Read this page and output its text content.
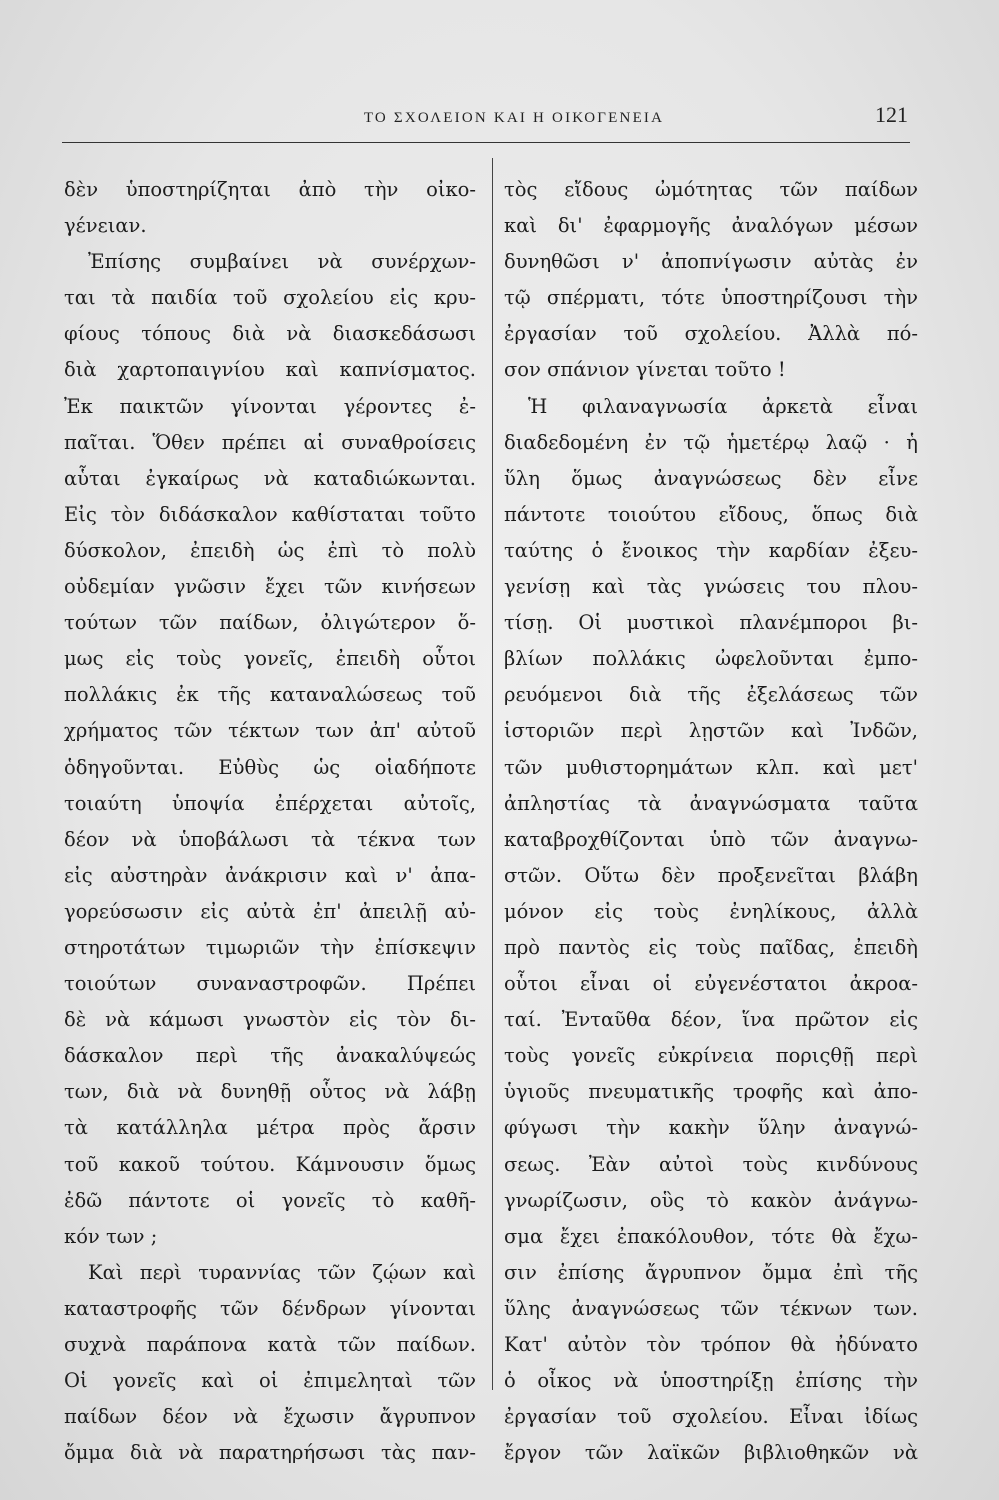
ΤΟ ΣΧΟΛΕΙΟΝ ΚΑΙ Η ΟΙΚΟΓΕΝΕΙΑ	121
δὲν ὑποστηρίζηται ἀπὸ τὴν οἰκο-
γένειαν.
Ἐπίσης συμβαίνει νὰ συνέρχων-
ται τὰ παιδία τοῦ σχολείου εἰς κρυ-
φίους τόπους διὰ νὰ διασκεδάσωσι
διὰ χαρτοπαιγνίου καὶ καπνίσματος.
Ἐκ παικτῶν γίνονται γέροντες ἐ-
παῖται. Ὅθεν πρέπει αἱ συναθροίσεις
αὗται ἐγκαίρως νὰ καταδιώκωνται.
Εἰς τὸν διδάσκαλον καθίσταται τοῦτο
δύσκολον, ἐπειδὴ ὡς ἐπὶ τὸ πολὺ
οὐδεμίαν γνῶσιν ἔχει τῶν κινήσεων
τούτων τῶν παίδων, ὀλιγώτερον ὅ-
μως εἰς τοὺς γονεῖς, ἐπειδὴ οὗτοι
πολλάκις ἐκ τῆς καταναλώσεως τοῦ
χρήματος τῶν τέκτων των ἀπ' αὐτοῦ
ὁδηγοῦνται. Εὐθὺς ὡς οἱαδήποτε
τοιαύτη ὑποψία ἐπέρχεται αὐτοῖς,
δέον νὰ ὑποβάλωσι τὰ τέκνα των
εἰς αὐστηρὰν ἀνάκρισιν καὶ ν' ἀπα-
γορεύσωσιν εἰς αὐτὰ ἐπ' ἀπειλῇ αὐ-
στηροτάτων τιμωριῶν τὴν ἐπίσκεψιν
τοιούτων συναναστροφῶν. Πρέπει
δὲ νὰ κάμωσι γνωστὸν εἰς τὸν δι-
δάσκαλον περὶ τῆς ἀνακαλύψεώς
των, διὰ νὰ δυνηθῇ οὗτος νὰ λάβῃ
τὰ κατάλληλα μέτρα πρὸς ἄρσιν
τοῦ κακοῦ τούτου. Κάμνουσιν ὅμως
ἐδῶ πάντοτε οἱ γονεῖς τὸ καθῆ-
κόν των ;
Καὶ περὶ τυραννίας τῶν ζῴων καὶ
καταστροφῆς τῶν δένδρων γίνονται
συχνὰ παράπονα κατὰ τῶν παίδων.
Οἱ γονεῖς καὶ οἱ ἐπιμεληταὶ τῶν
παίδων δέον νὰ ἔχωσιν ἄγρυπνον
ὄμμα διὰ νὰ παρατηρήσωσι τὰς παν-
τὸς εἴδους ὠμότητας τῶν παίδων
καὶ δι' ἐφαρμογῆς ἀναλόγων μέσων
δυνηθῶσι ν' ἀποπνίγωσιν αὐτὰς ἐν
τῷ σπέρματι, τότε ὑποστηρίζουσι τὴν
ἐργασίαν τοῦ σχολείου. Ἀλλὰ πό-
σον σπάνιον γίνεται τοῦτο !
Ἡ φιλαναγνωσία ἀρκετὰ εἶναι
διαδεδομένη ἐν τῷ ἡμετέρῳ λαῷ · ἡ
ὕλη ὅμως ἀναγνώσεως δὲν εἶνε
πάντοτε τοιούτου εἴδους, ὅπως διὰ
ταύτης ὁ ἔνοικος τὴν καρδίαν ἐξευ-
γενίσῃ καὶ τὰς γνώσεις του πλου-
τίσῃ. Οἱ μυστικοὶ πλανέμποροι βι-
βλίων πολλάκις ὠφελοῦνται ἐμπο-
ρευόμενοι διὰ τῆς ἐξελάσεως τῶν
ἱστοριῶν περὶ λῃστῶν καὶ Ἰνδῶν,
τῶν μυθιστορημάτων κλπ. καὶ μετ'
ἀπληστίας τὰ ἀναγνώσματα ταῦτα
καταβροχθίζονται ὑπὸ τῶν ἀναγνω-
στῶν. Οὕτω δὲν προξενεῖται βλάβη
μόνον εἰς τοὺς ἐνηλίκους, ἀλλὰ
πρὸ παντὸς εἰς τοὺς παῖδας, ἐπειδὴ
οὗτοι εἶναι οἱ εὐγενέστατοι ἀκροα-
ταί. Ἐνταῦθα δέον, ἵνα πρῶτον εἰς
τοὺς γονεῖς εὐκρίνεια ποριςθῇ περὶ
ὑγιοῦς πνευματικῆς τροφῆς καὶ ἀπο-
φύγωσι τὴν κακὴν ὕλην ἀναγνώ-
σεως. Ἐὰν αὐτοὶ τοὺς κινδύνους
γνωρίζωσιν, οὓς τὸ κακὸν ἀνάγνω-
σμα ἔχει ἐπακόλουθον, τότε θὰ ἔχω-
σιν ἐπίσης ἄγρυπνον ὄμμα ἐπὶ τῆς
ὕλης ἀναγνώσεως τῶν τέκνων των.
Κατ' αὐτὸν τὸν τρόπον θὰ ἠδύνατο
ὁ οἶκος νὰ ὑποστηρίξῃ ἐπίσης τὴν
ἐργασίαν τοῦ σχολείου. Εἶναι ἰδίως
ἔργον τῶν λαϊκῶν βιβλιοθηκῶν νὰ
